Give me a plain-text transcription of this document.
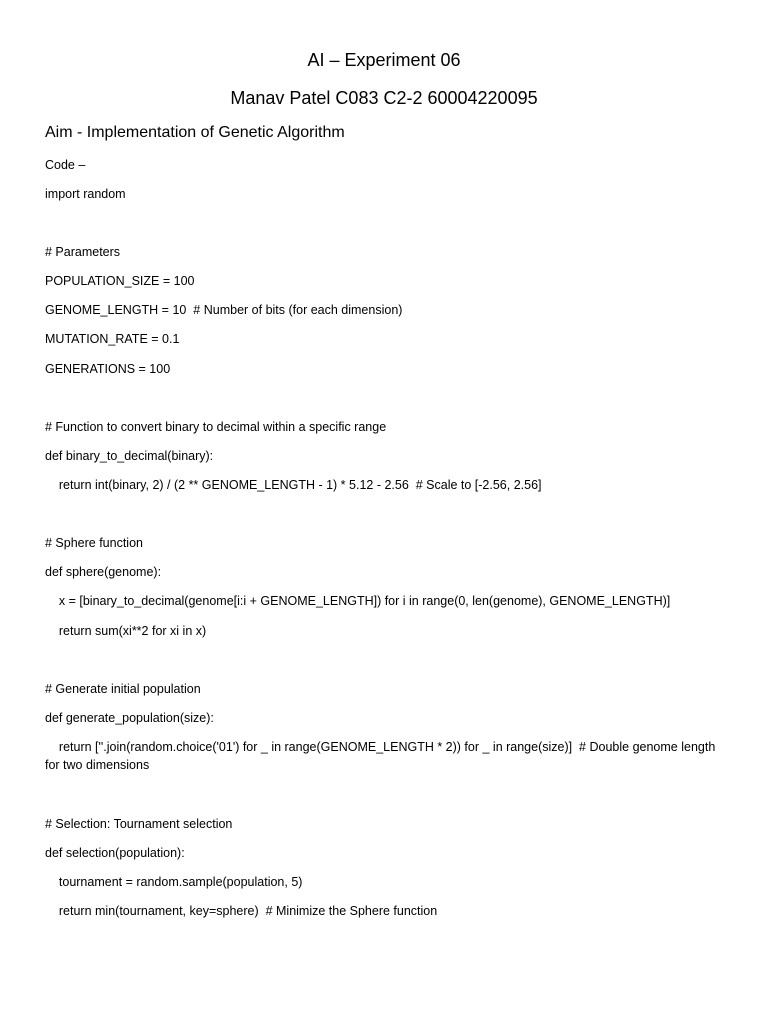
AI – Experiment 06
Manav Patel C083 C2-2 60004220095
Aim - Implementation of Genetic Algorithm
Code –
import random
# Parameters
POPULATION_SIZE = 100
GENOME_LENGTH = 10  # Number of bits (for each dimension)
MUTATION_RATE = 0.1
GENERATIONS = 100
# Function to convert binary to decimal within a specific range
def binary_to_decimal(binary):
return int(binary, 2) / (2 ** GENOME_LENGTH - 1) * 5.12 - 2.56  # Scale to [-2.56, 2.56]
# Sphere function
def sphere(genome):
x = [binary_to_decimal(genome[i:i + GENOME_LENGTH]) for i in range(0, len(genome), GENOME_LENGTH)]
return sum(xi**2 for xi in x)
# Generate initial population
def generate_population(size):
return [''.join(random.choice('01') for _ in range(GENOME_LENGTH * 2)) for _ in range(size)]  # Double genome length for two dimensions
# Selection: Tournament selection
def selection(population):
tournament = random.sample(population, 5)
return min(tournament, key=sphere)  # Minimize the Sphere function
